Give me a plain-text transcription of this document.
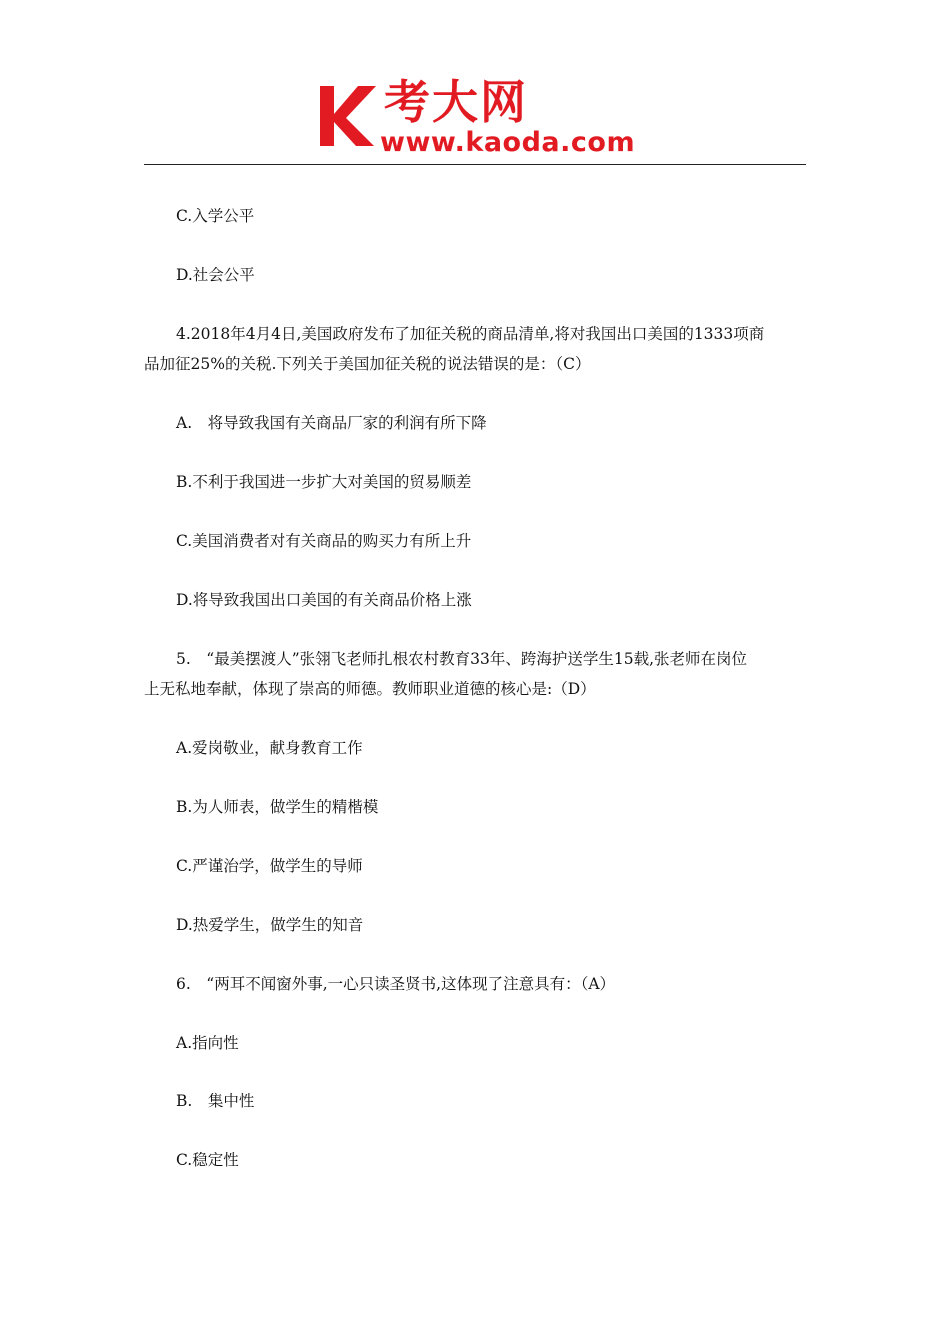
考大网
www.kaoda.com
C.入学公平
D.社会公平
4.2018年4月4日,美国政府发布了加征关税的商品清单,将对我国出口美国的1333项商
品加征25%的关税.下列关于美国加征关税的说法错误的是：（C）
A.　将导致我国有关商品厂家的利润有所下降
B.不利于我国进一步扩大对美国的贸易顺差
C.美国消费者对有关商品的购买力有所上升
D.将导致我国出口美国的有关商品价格上涨
5.　“最美摆渡人”张翎飞老师扎根农村教育33年、跨海护送学生15载,张老师在岗位
上无私地奉献，体现了崇高的师德。教师职业道德的核心是:（D）
A.爱岗敬业，献身教育工作
B.为人师表，做学生的精楷模
C.严谨治学，做学生的导师
D.热爱学生，做学生的知音
6.　“两耳不闻窗外事,一心只读圣贤书,这体现了注意具有：（A）
A.指向性
B.　集中性
C.稳定性
